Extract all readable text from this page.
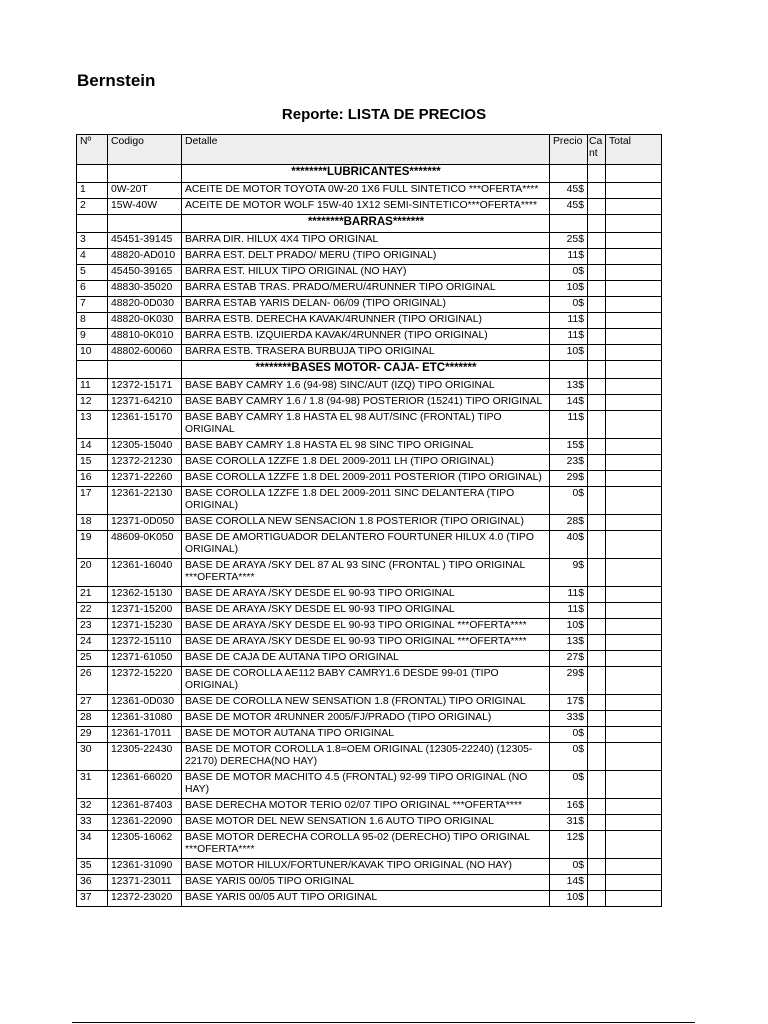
Bernstein
Reporte: LISTA DE PRECIOS
Nº	Codigo	Detalle	Precio	Cant	Total
		********LUBRICANTES*******			
1	0W-20T	ACEITE DE MOTOR TOYOTA 0W-20 1X6 FULL SINTETICO ***OFERTA****	45$		
2	15W-40W	ACEITE DE MOTOR WOLF 15W-40 1X12 SEMI-SINTETICO***OFERTA****	45$		
		********BARRAS*******			
3	45451-39145	BARRA DIR. HILUX 4X4 TIPO ORIGINAL	25$		
4	48820-AD010	BARRA EST. DELT PRADO/ MERU (TIPO ORIGINAL)	11$		
5	45450-39165	BARRA EST. HILUX TIPO ORIGINAL (NO HAY)	0$		
6	48830-35020	BARRA ESTAB TRAS. PRADO/MERU/4RUNNER TIPO ORIGINAL	10$		
7	48820-0D030	BARRA ESTAB YARIS DELAN- 06/09 (TIPO ORIGINAL)	0$		
8	48820-0K030	BARRA ESTB. DERECHA KAVAK/4RUNNER (TIPO ORIGINAL)	11$		
9	48810-0K010	BARRA ESTB. IZQUIERDA KAVAK/4RUNNER (TIPO ORIGINAL)	11$		
10	48802-60060	BARRA ESTB. TRASERA BURBUJA TIPO ORIGINAL	10$		
		********BASES MOTOR- CAJA- ETC*******			
11	12372-15171	BASE BABY CAMRY 1.6 (94-98) SINC/AUT (IZQ) TIPO ORIGINAL	13$		
12	12371-64210	BASE BABY CAMRY 1.6 / 1.8 (94-98) POSTERIOR (15241) TIPO ORIGINAL	14$		
13	12361-15170	BASE BABY CAMRY 1.8 HASTA EL 98 AUT/SINC (FRONTAL) TIPO ORIGINAL	11$		
14	12305-15040	BASE BABY CAMRY 1.8 HASTA EL 98 SINC TIPO ORIGINAL	15$		
15	12372-21230	BASE COROLLA 1ZZFE 1.8 DEL 2009-2011 LH (TIPO ORIGINAL)	23$		
16	12371-22260	BASE COROLLA 1ZZFE 1.8 DEL 2009-2011 POSTERIOR (TIPO ORIGINAL)	29$		
17	12361-22130	BASE COROLLA 1ZZFE 1.8 DEL 2009-2011 SINC DELANTERA (TIPO ORIGINAL)	0$		
18	12371-0D050	BASE COROLLA NEW SENSACION 1.8 POSTERIOR (TIPO ORIGINAL)	28$		
19	48609-0K050	BASE DE AMORTIGUADOR DELANTERO FOURTUNER HILUX 4.0 (TIPO ORIGINAL)	40$		
20	12361-16040	BASE DE ARAYA /SKY DEL 87 AL 93 SINC (FRONTAL ) TIPO ORIGINAL ***OFERTA****	9$		
21	12362-15130	BASE DE ARAYA /SKY DESDE EL 90-93 TIPO ORIGINAL	11$		
22	12371-15200	BASE DE ARAYA /SKY DESDE EL 90-93 TIPO ORIGINAL	11$		
23	12371-15230	BASE DE ARAYA /SKY DESDE EL 90-93 TIPO ORIGINAL ***OFERTA****	10$		
24	12372-15110	BASE DE ARAYA /SKY DESDE EL 90-93 TIPO ORIGINAL ***OFERTA****	13$		
25	12371-61050	BASE DE CAJA DE AUTANA TIPO ORIGINAL	27$		
26	12372-15220	BASE DE COROLLA AE112 BABY CAMRY1.6 DESDE 99-01 (TIPO ORIGINAL)	29$		
27	12361-0D030	BASE DE COROLLA NEW SENSATION 1.8 (FRONTAL) TIPO ORIGINAL	17$		
28	12361-31080	BASE DE MOTOR 4RUNNER 2005/FJ/PRADO (TIPO ORIGINAL)	33$		
29	12361-17011	BASE DE MOTOR AUTANA TIPO ORIGINAL	0$		
30	12305-22430	BASE DE MOTOR COROLLA 1.8=OEM ORIGINAL (12305-22240) (12305-22170) DERECHA(NO HAY)	0$		
31	12361-66020	BASE DE MOTOR MACHITO 4.5 (FRONTAL) 92-99 TIPO ORIGINAL (NO HAY)	0$		
32	12361-87403	BASE DERECHA MOTOR TERIO 02/07 TIPO ORIGINAL ***OFERTA****	16$		
33	12361-22090	BASE MOTOR DEL NEW SENSATION 1.6 AUTO TIPO ORIGINAL	31$		
34	12305-16062	BASE MOTOR DERECHA COROLLA 95-02 (DERECHO) TIPO ORIGINAL ***OFERTA****	12$		
35	12361-31090	BASE MOTOR HILUX/FORTUNER/KAVAK TIPO ORIGINAL (NO HAY)	0$		
36	12371-23011	BASE YARIS 00/05 TIPO ORIGINAL	14$		
37	12372-23020	BASE YARIS 00/05 AUT TIPO ORIGINAL	10$		
